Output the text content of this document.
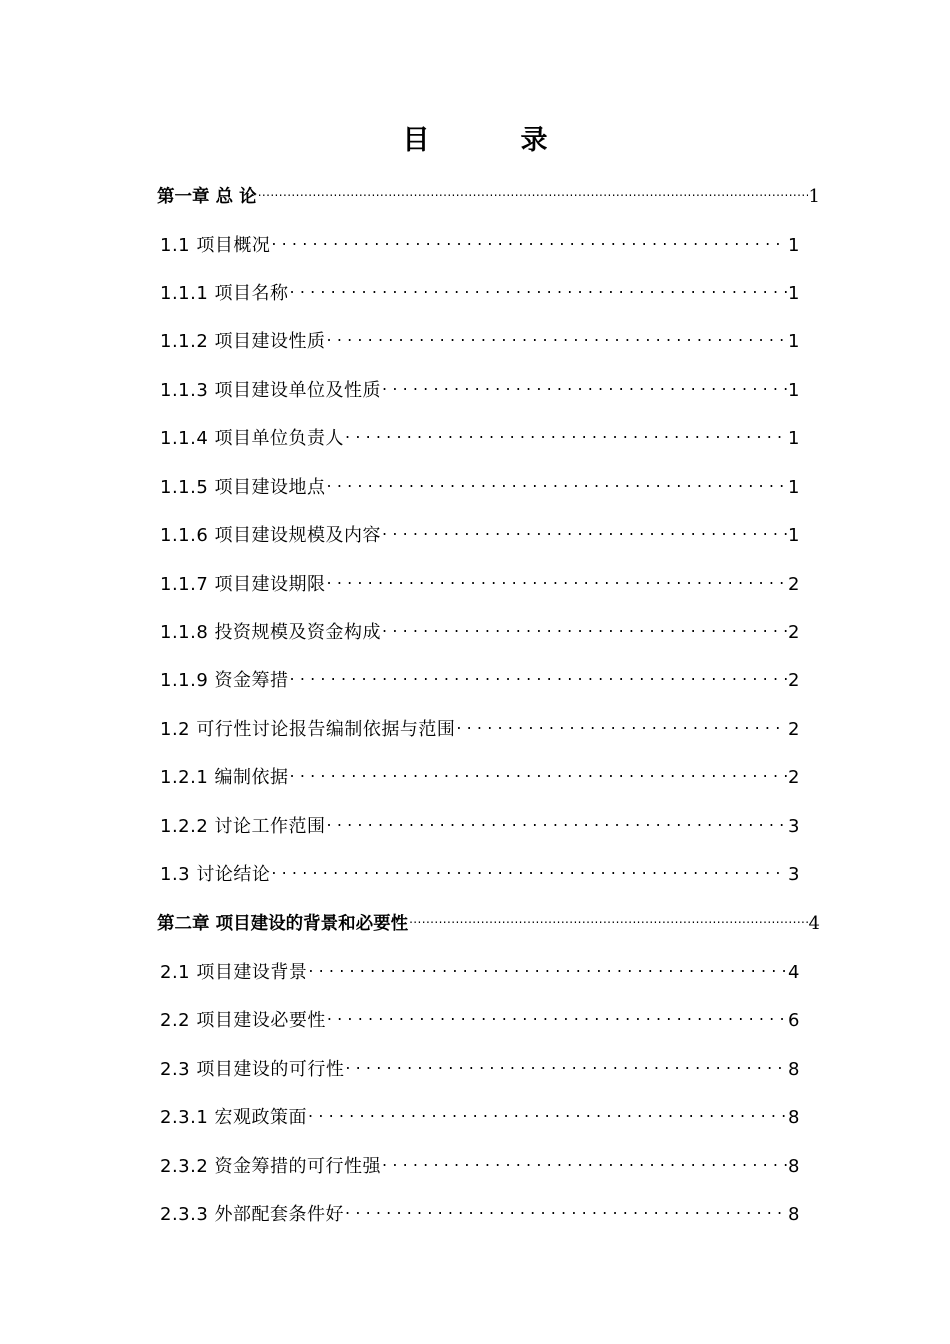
目　录
第一章 总 论 .....	1
1.1 项目概况 .....	1
1.1.1 项目名称 .....	1
1.1.2 项目建设性质 .....	1
1.1.3 项目建设单位及性质 .....	1
1.1.4 项目单位负责人 .....	1
1.1.5 项目建设地点 .....	1
1.1.6 项目建设规模及内容 .....	1
1.1.7 项目建设期限 .....	2
1.1.8 投资规模及资金构成 .....	2
1.1.9 资金筹措 .....	2
1.2 可行性讨论报告编制依据与范围 .....	2
1.2.1 编制依据 .....	2
1.2.2 讨论工作范围 .....	3
1.3 讨论结论 .....	3
第二章 项目建设的背景和必要性 .....	4
2.1 项目建设背景 .....	4
2.2 项目建设必要性 .....	6
2.3 项目建设的可行性 .....	8
2.3.1 宏观政策面 .....	8
2.3.2 资金筹措的可行性强 .....	8
2.3.3 外部配套条件好 .....	8
